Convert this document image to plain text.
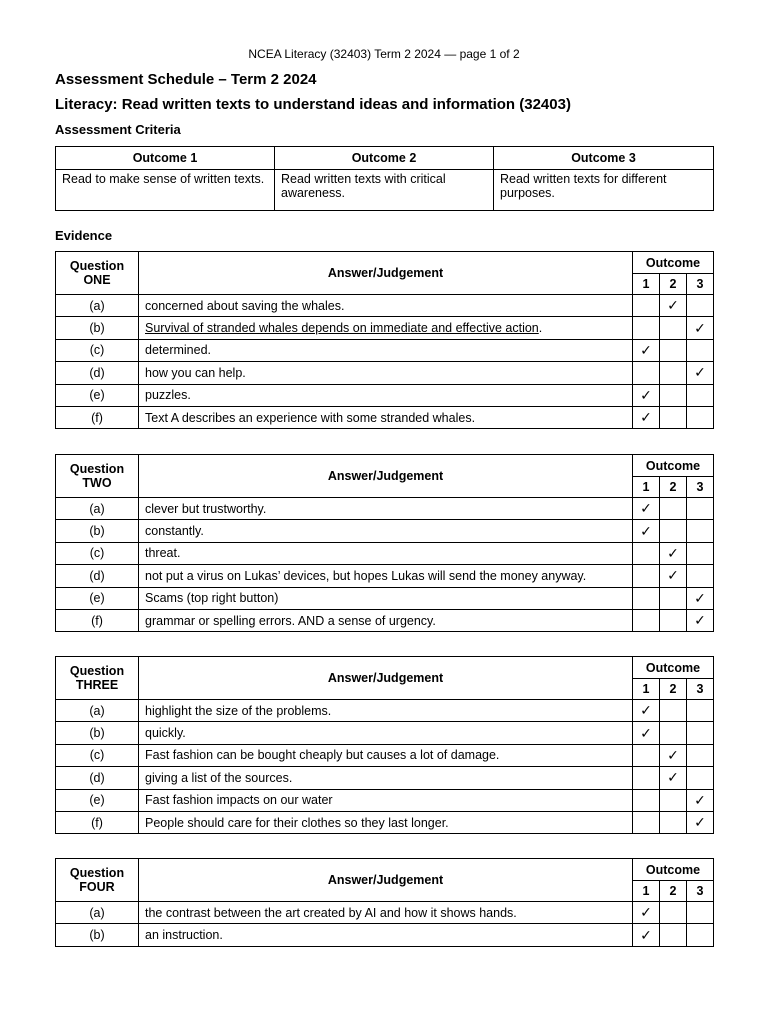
NCEA Literacy (32403) Term 2 2024 — page 1 of 2
Assessment Schedule – Term 2 2024
Literacy: Read written texts to understand ideas and information (32403)
Assessment Criteria
Outcome 1	Outcome 2	Outcome 3
Read to make sense of written texts.	Read written texts with critical awareness.	Read written texts for different purposes.
Evidence
Question
ONE	Answer/Judgement	Outcome		
		1	2	3
(a)	concerned about saving the whales.		✓	
(b)	Survival of stranded whales depends on immediate and effective action.			✓
(c)	determined.	✓		
(d)	how you can help.			✓
(e)	puzzles.	✓		
(f)	Text A describes an experience with some stranded whales.	✓		
Question
TWO	Answer/Judgement	Outcome		
		1	2	3
(a)	clever but trustworthy.	✓		
(b)	constantly.	✓		
(c)	threat.		✓	
(d)	not put a virus on Lukas’ devices, but hopes Lukas will send the money anyway.		✓	
(e)	Scams (top right button)			✓
(f)	grammar or spelling errors. AND a sense of urgency.			✓
Question
THREE	Answer/Judgement	Outcome		
		1	2	3
(a)	highlight the size of the problems.	✓		
(b)	quickly.	✓		
(c)	Fast fashion can be bought cheaply but causes a lot of damage.		✓	
(d)	giving a list of the sources.		✓	
(e)	Fast fashion impacts on our water			✓
(f)	People should care for their clothes so they last longer.			✓
Question
FOUR	Answer/Judgement	Outcome		
		1	2	3
(a)	the contrast between the art created by AI and how it shows hands.	✓		
(b)	an instruction.	✓		
